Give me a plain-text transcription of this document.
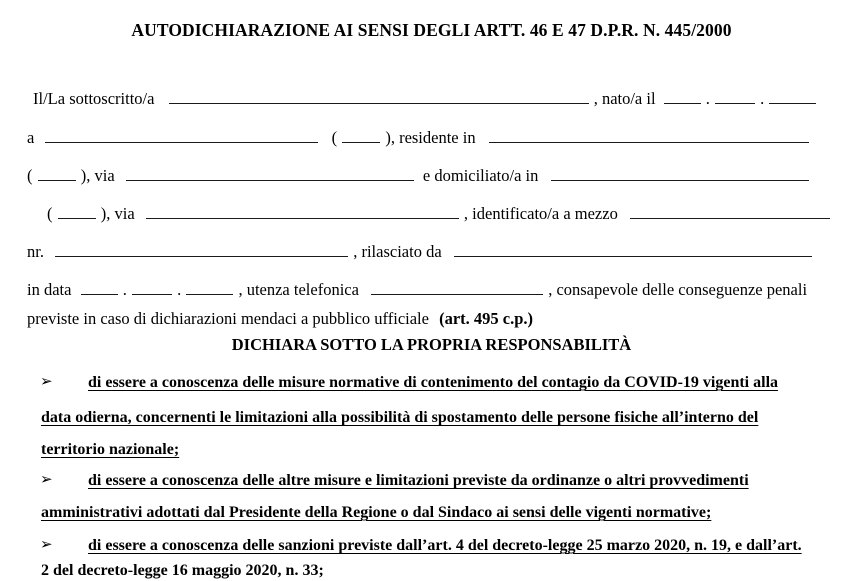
AUTODICHIARAZIONE AI SENSI DEGLI ARTT. 46 E 47 D.P.R. N. 445/2000
Il/La sottoscritto/a	, nato/a il	.	.
a	(	), residente in
(	), via	e domiciliato/a in
(	), via	, identificato/a a mezzo
nr.	, rilasciato da
in data	.	.	, utenza telefonica	, consapevole delle conseguenze penali
previste in caso di dichiarazioni mendaci a pubblico ufficiale (art. 495 c.p.)
DICHIARA SOTTO LA PROPRIA RESPONSABILITÀ
➢	di essere a conoscenza delle misure normative di contenimento del contagio da COVID-19 vigenti alla
data odierna, concernenti le limitazioni alla possibilità di spostamento delle persone fisiche all’interno del
territorio nazionale;
➢	di essere a conoscenza delle altre misure e limitazioni previste da ordinanze o altri provvedimenti
amministrativi adottati dal Presidente della Regione o dal Sindaco ai sensi delle vigenti normative;
➢	di essere a conoscenza delle sanzioni previste dall’art. 4 del decreto-legge 25 marzo 2020, n. 19, e dall’art.
2 del decreto-legge 16 maggio 2020, n. 33;
